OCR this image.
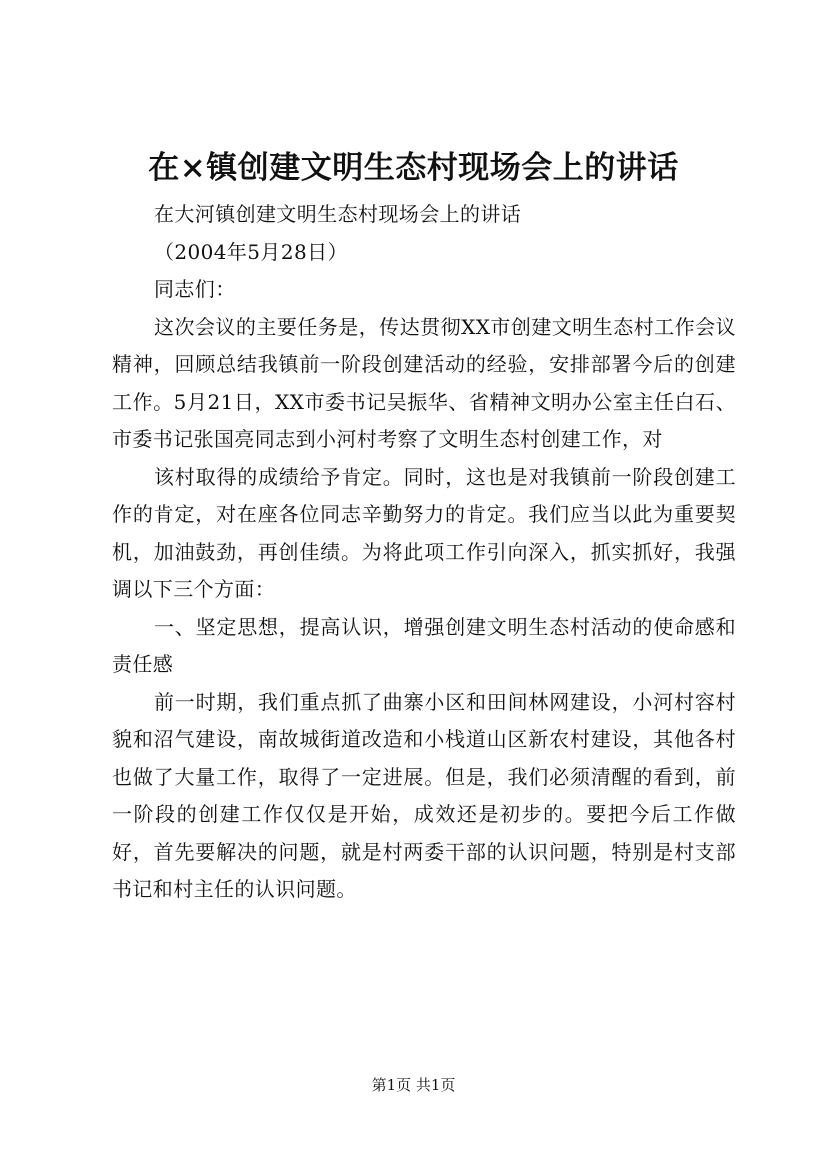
在×镇创建文明生态村现场会上的讲话

在大河镇创建文明生态村现场会上的讲话

（2004年5月28日）

同志们：

这次会议的主要任务是，传达贯彻XX市创建文明生态村工作会议精神，回顾总结我镇前一阶段创建活动的经验，安排部署今后的创建工作。5月21日，XX市委书记吴振华、省精神文明办公室主任白石、市委书记张国亮同志到小河村考察了文明生态村创建工作，对

该村取得的成绩给予肯定。同时，这也是对我镇前一阶段创建工作的肯定，对在座各位同志辛勤努力的肯定。我们应当以此为重要契机，加油鼓劲，再创佳绩。为将此项工作引向深入，抓实抓好，我强调以下三个方面：

一、坚定思想，提高认识，增强创建文明生态村活动的使命感和责任感

前一时期，我们重点抓了曲寨小区和田间林网建设，小河村容村貌和沼气建设，南故城街道改造和小栈道山区新农村建设，其他各村也做了大量工作，取得了一定进展。但是，我们必须清醒的看到，前一阶段的创建工作仅仅是开始，成效还是初步的。要把今后工作做好，首先要解决的问题，就是村两委干部的认识问题，特别是村支部书记和村主任的认识问题。

第1页 共1页
